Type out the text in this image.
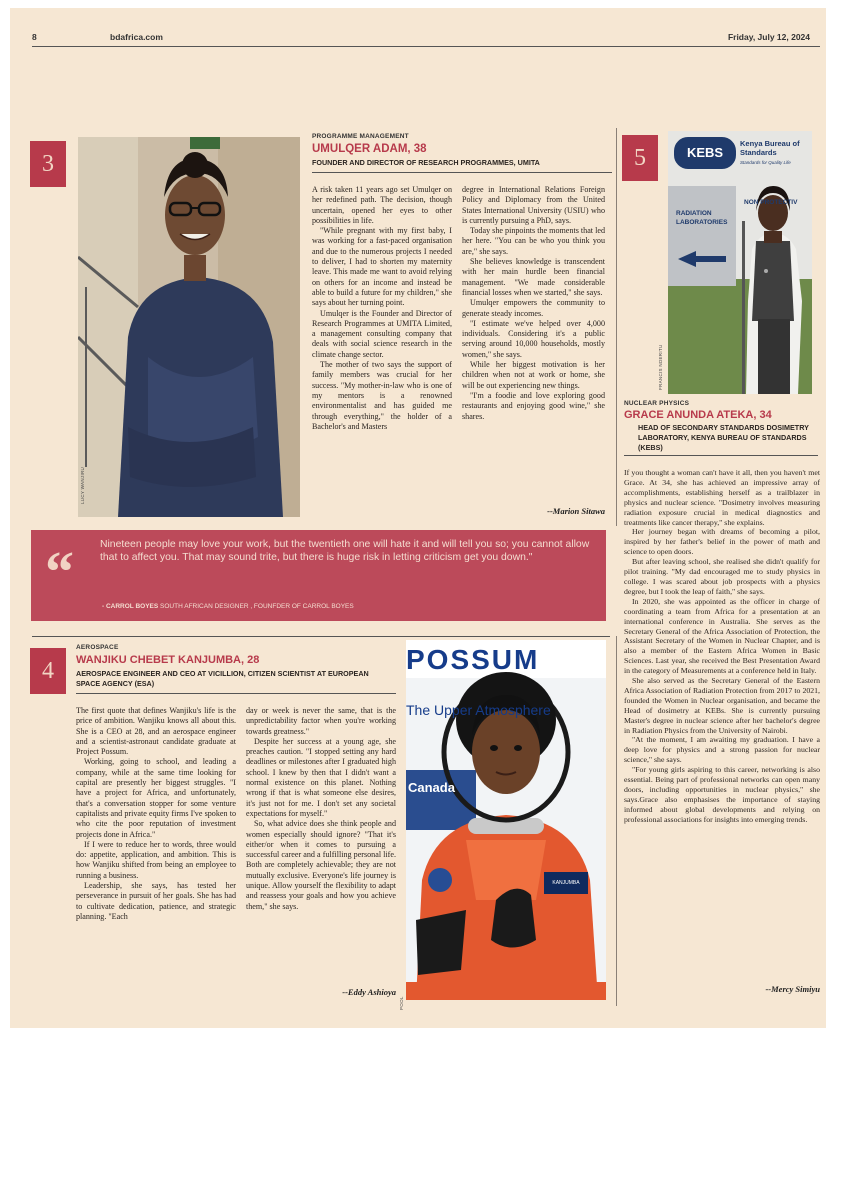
8	bdafrica.com	Friday, July 12, 2024
3
LUCY WANJIRU
PROGRAMME MANAGEMENT
UMULQER ADAM, 38
FOUNDER AND DIRECTOR OF RESEARCH PROGRAMMES, UMITA

A risk taken 11 years ago set Umulqer on her redefined path. The decision, though uncertain, opened her eyes to other possibilities in life.

"While pregnant with my first baby, I was working for a fast-paced organisation and due to the numerous projects I needed to deliver, I had to shorten my maternity leave. This made me want to avoid relying on others for an income and instead be able to build a future for my children," she says about her turning point.

Umulqer is the Founder and Director of Research Programmes at UMITA Limited, a management consulting company that deals with social science research in the climate change sector.

The mother of two says the support of family members was crucial for her success. "My mother-in-law who is one of my mentors is a renowned environmentalist and has guided me through everything," the holder of a Bachelor's and Masters

degree in International Relations Foreign Policy and Diplomacy from the United States International University (USIU) who is currently pursuing a PhD, says.

Today she pinpoints the moments that led her here. "You can be who you think you are," she says.

She believes knowledge is transcendent with her main hurdle been financial management. "We made considerable financial losses when we started," she says.

Umulqer empowers the community to generate steady incomes.

"I estimate we've helped over 4,000 individuals. Considering it's a public serving around 10,000 households, mostly women," she says.

While her biggest motivation is her children when not at work or home, she will be out experiencing new things.

"I'm a foodie and love exploring good restaurants and enjoying good wine," she shares.

--Marion Sitawa
5	KEBS
Kenya Bureau of Standards
Standards for Quality Life
RADIATION LABORATORIES
NON PROTECTIV
FRANCIS NDERITU
NUCLEAR PHYSICS
GRACE ANUNDA ATEKA, 34
HEAD OF SECONDARY STANDARDS DOSIMETRY LABORATORY, KENYA BUREAU OF STANDARDS (KEBS)

If you thought a woman can't have it all, then you haven't met Grace. At 34, she has achieved an impressive array of accomplishments, establishing herself as a trailblazer in physics and nuclear science. "Dosimetry involves measuring radiation exposure crucial in medical diagnostics and treatments like cancer therapy," she explains.

Her journey began with dreams of becoming a pilot, inspired by her father's belief in the power of math and science to open doors.

But after leaving school, she realised she didn't qualify for pilot training. "My dad encouraged me to study physics in college. I was scared about job prospects with a physics degree, but I took the leap of faith," she says.

In 2020, she was appointed as the officer in charge of coordinating a team from Africa for a presentation at an international conference in Australia. She serves as the Secretary General of the Africa Association of Protection, the Assistant Secretary of the Women in Nuclear Chapter, and is also a member of the Eastern Africa Women in Basic Sciences. Last year, she received the Best Presentation Award in the category of Measurements at a conference held in Italy.

She also served as the Secretary General of the Eastern Africa Association of Radiation Protection from 2017 to 2021, founded the Women in Nuclear organisation, and became the Head of dosimetry at KEBs. She is currently pursuing Master's degree in nuclear science after her bachelor's degree in Radiation Physics from the University of Nairobi.

"At the moment, I am awaiting my graduation. I have a deep love for physics and a strong passion for nuclear science," she says.

"For young girls aspiring to this career, networking is also essential. Being part of professional networks can open many doors, including opportunities in nuclear physics," she says.Grace also emphasises the importance of staying informed about global developments and relying on professional associations for insights into emerging trends.

--Mercy Simiyu
“	Nineteen people may love your work, but the twentieth one will hate it and will tell you so; you cannot allow that to affect you. That may sound trite, but there is huge risk in letting criticism get you down."
- CARROL BOYES SOUTH AFRICAN DESIGNER , FOUNFDER OF CARROL BOYES
4
AEROSPACE
WANJIKU CHEBET KANJUMBA, 28
AEROSPACE ENGINEER AND CEO AT VICILLION, CITIZEN SCIENTIST AT EUROPEAN SPACE AGENCY (ESA)

The first quote that defines Wanjiku's life is the price of ambition. Wanjiku knows all about this. She is a CEO at 28, and an aerospace engineer and a scientist-astronaut candidate graduate at Project Possum.

Working, going to school, and leading a company, while at the same time looking for capital are presently her biggest struggles. "I have a project for Africa, and unfortunately, that's a conversation stopper for some venture capitalists and private equity firms I've spoken to who cite the poor reputation of investment projects done in Africa."

If I were to reduce her to words, three would do: appetite, application, and ambition. This is how Wanjiku shifted from being an employee to running a business.

Leadership, she says, has tested her perseverance in pursuit of her goals. She has had to cultivate dedication, patience, and strategic planning. "Each

day or week is never the same, that is the unpredictability factor when you're working towards greatness."

Despite her success at a young age, she preaches caution. "I stopped setting any hard deadlines or milestones after I graduated high school. I knew by then that I didn't want a normal existence on this planet. Nothing wrong if that is what someone else desires, it's just not for me. I don't set any societal expectations for myself."

So, what advice does she think people and women especially should ignore? "That it's either/or when it comes to pursuing a successful career and a fulfilling personal life. Both are completely achievable; they are not mutually exclusive. Everyone's life journey is unique. Allow yourself the flexibility to adapt and reassess your goals and how you achieve them," she says.

--Eddy Ashioya
POOL
POSSUM
The Upper Atmosphere
Canada
KANJUMBA
